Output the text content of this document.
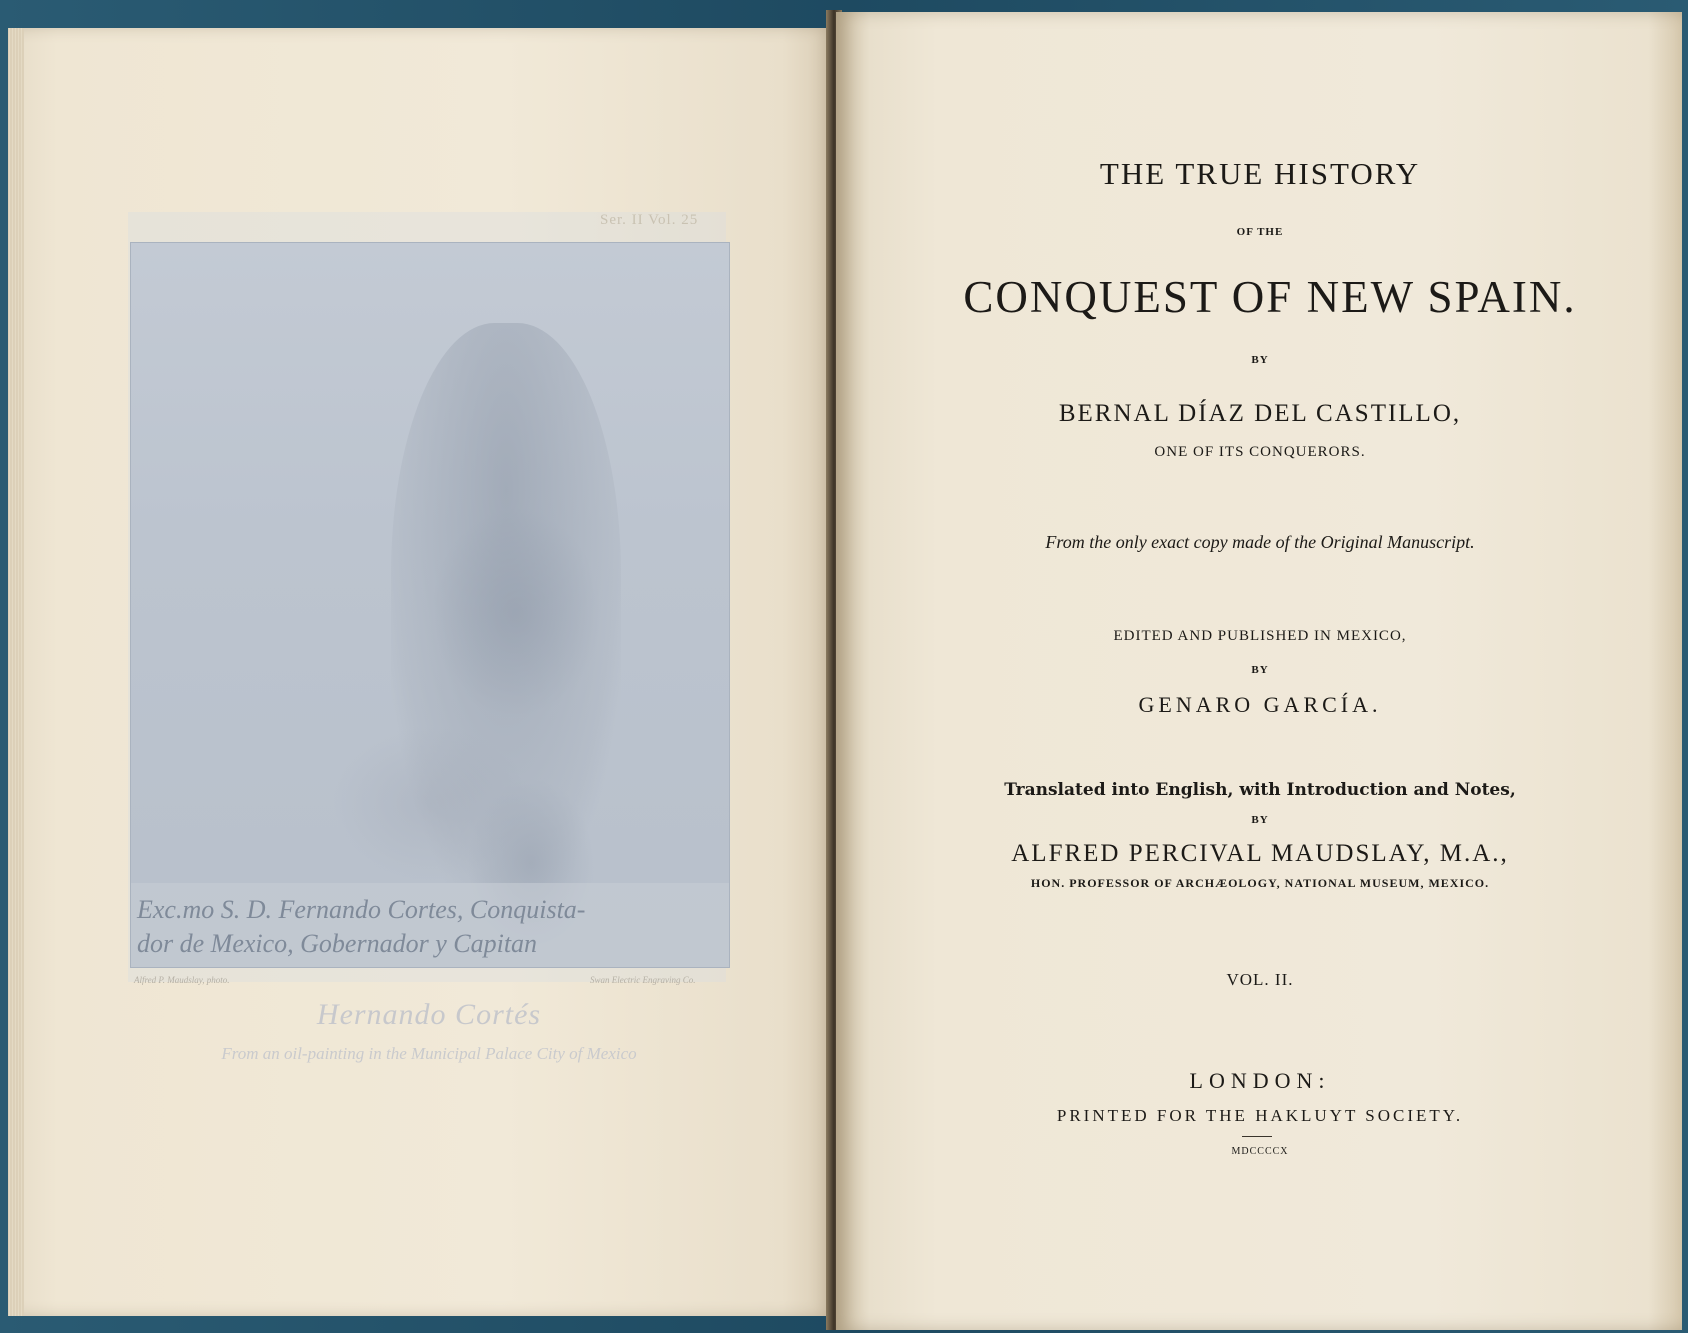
Ser. II Vol. 25
Exc.mo S. D. Fernando Cortes, Conquista-
dor de Mexico, Gobernador y Capitan
Alfred P. Maudslay, photo.	Swan Electric Engraving Co.
Hernando Cortés
From an oil-painting in the Municipal Palace City of Mexico
THE TRUE HISTORY
OF THE
CONQUEST OF NEW SPAIN.
BY
BERNAL DÍAZ DEL CASTILLO,
ONE OF ITS CONQUERORS.
From the only exact copy made of the Original Manuscript.
EDITED AND PUBLISHED IN MEXICO,
BY
GENARO GARCÍA.
Translated into English, with Introduction and Notes,
BY
ALFRED PERCIVAL MAUDSLAY, M.A.,
HON. PROFESSOR OF ARCHÆOLOGY, NATIONAL MUSEUM, MEXICO.
VOL. II.
LONDON:
PRINTED FOR THE HAKLUYT SOCIETY.
MDCCCCX
